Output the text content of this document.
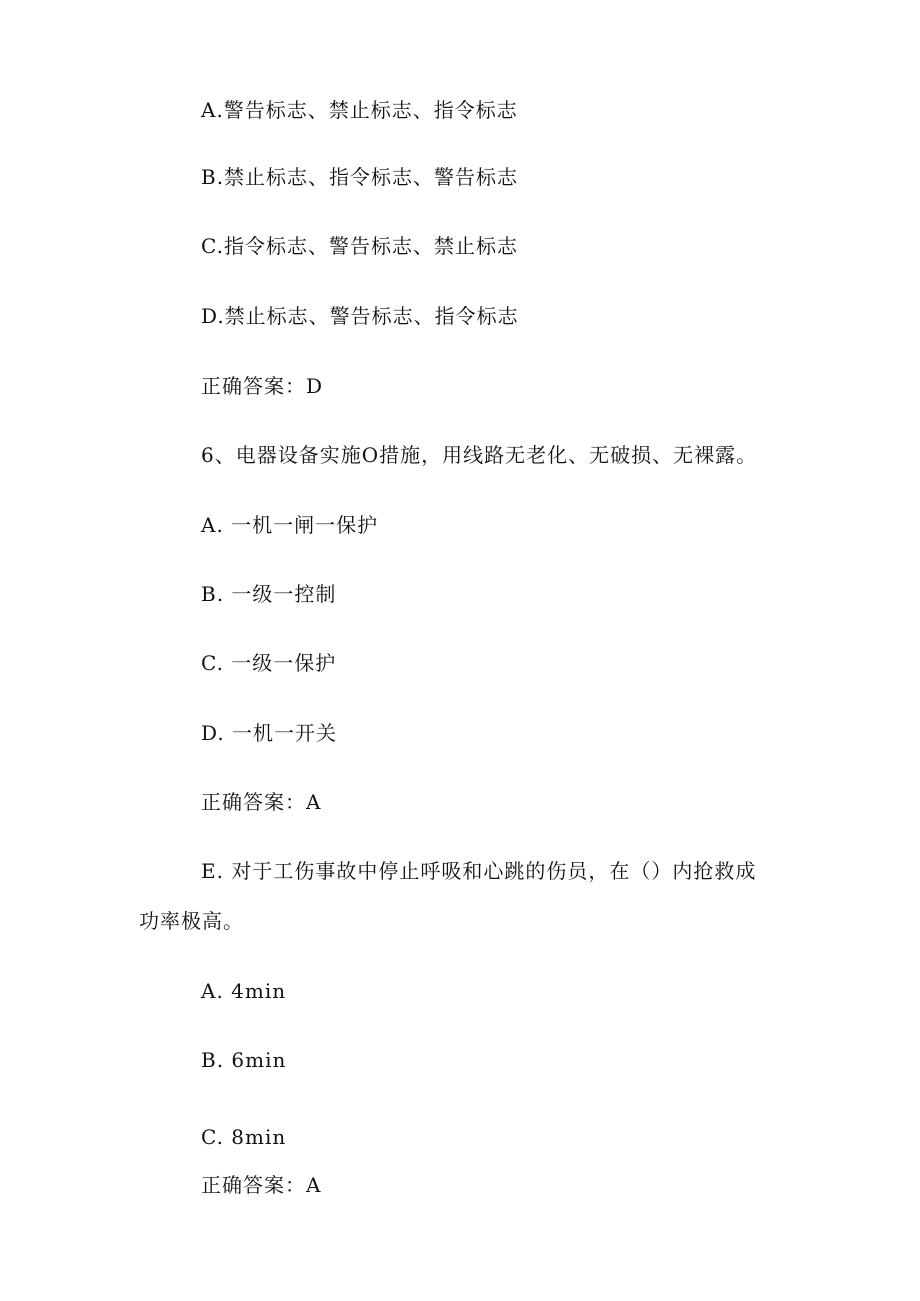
A.警告标志、禁止标志、指令标志
B.禁止标志、指令标志、警告标志
C.指令标志、警告标志、禁止标志
D.禁止标志、警告标志、指令标志
正确答案：D
6、电器设备实施O措施，用线路无老化、无破损、无裸露。
A. 一机一闸一保护
B. 一级一控制
C. 一级一保护
D. 一机一开关
正确答案：A
E. 对于工伤事故中停止呼吸和心跳的伤员，在（）内抢救成
功率极高。
A. 4min
B. 6min
C. 8min
正确答案：A
